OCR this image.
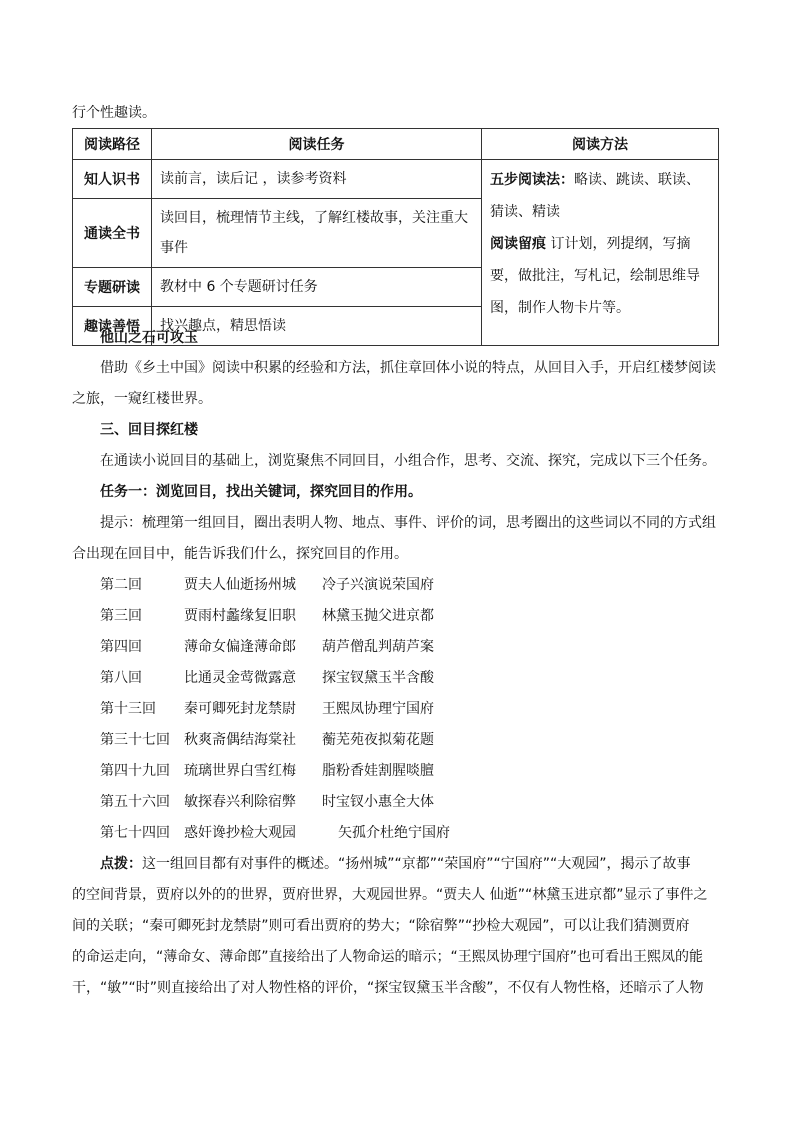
行个性趣读。
阅读路径	阅读任务	阅读方法
知人识书	读前言，读后记 ，读参考资料	五步阅读法：略读、跳读、联读、猜读、精读
阅读留痕 订计划，列提纲，写摘要，做批注，写札记，绘制思维导图，制作人物卡片等。
通读全书	读回目，梳理情节主线，了解红楼故事，关注重大事件	
专题研读	教材中 6 个专题研讨任务	
趣读善悟	找兴趣点，精思悟读	
他山之石可攻玉
借助《乡土中国》阅读中积累的经验和方法，抓住章回体小说的特点，从回目入手，开启红楼梦阅读
之旅，一窥红楼世界。
三、回目探红楼
在通读小说回目的基础上，浏览聚焦不同回目，小组合作，思考、交流、探究，完成以下三个任务。
任务一：浏览回目，找出关键词，探究回目的作用。
提示：梳理第一组回目，圈出表明人物、地点、事件、评价的词，思考圈出的这些词以不同的方式组
合出现在回目中，能告诉我们什么，探究回目的作用。
第二回	贾夫人仙逝扬州城 冷子兴演说荣国府
第三回	贾雨村蠡缘复旧职 林黛玉抛父进京都
第四回	薄命女偏逢薄命郎 葫芦僧乱判葫芦案
第八回	比通灵金莺微露意 探宝钗黛玉半含酸
第十三回 秦可卿死封龙禁尉 王熙凤协理宁国府
第三十七回 秋爽斋偶结海棠社 蘅芜苑夜拟菊花题
第四十九回 琉璃世界白雪红梅 脂粉香娃割腥啖膻
第五十六回 敏探春兴利除宿弊 时宝钗小惠全大体
第七十四回 惑奸谗抄检大观园	矢孤介杜绝宁国府
点拨：这一组回目都有对事件的概述。“扬州城”“京都”“荣国府”“宁国府”“大观园”，揭示了故事
的空间背景，贾府以外的的世界，贾府世界，大观园世界。“贾夫人 仙逝”“林黛玉进京都”显示了事件之
间的关联；“秦可卿死封龙禁尉”则可看出贾府的势大；“除宿弊”“抄检大观园”，可以让我们猜测贾府
的命运走向，“薄命女、薄命郎”直接给出了人物命运的暗示；“王熙凤协理宁国府”也可看出王熙凤的能
干，“敏”“时”则直接给出了对人物性格的评价，“探宝钗黛玉半含酸”，不仅有人物性格，还暗示了人物
